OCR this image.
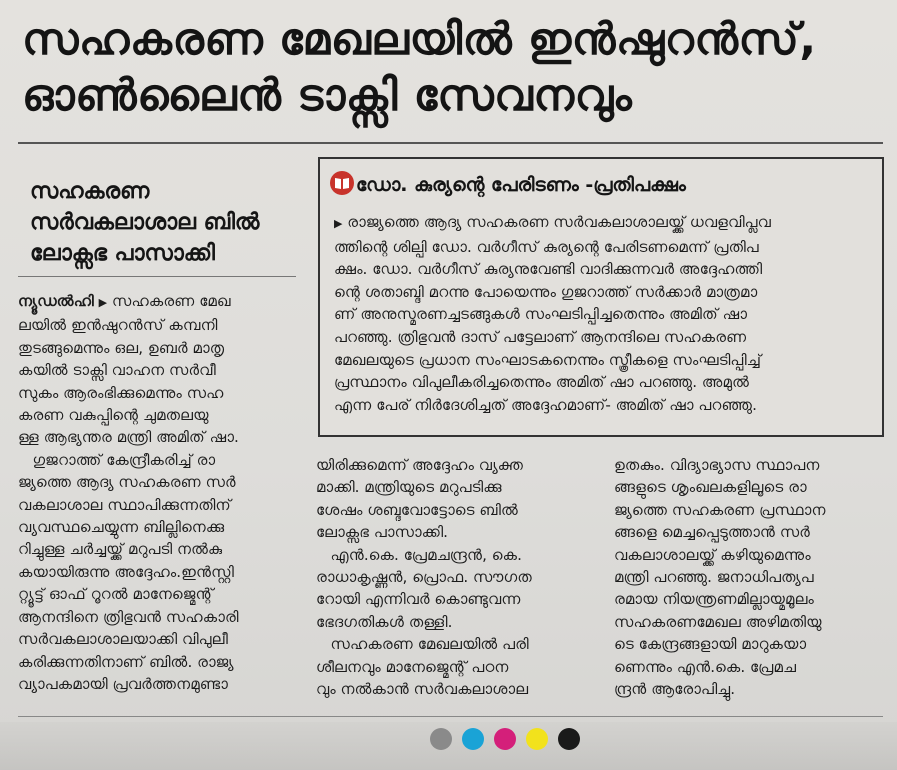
സഹകരണ മേഖലയിൽ ഇൻഷുറൻസ്,
ഓൺലൈൻ ടാക്സി സേവനവും
സഹകരണ
സർവകലാശാല ബിൽ
ലോക്സഭ പാസാക്കി
ന്യൂഡൽഹി ▶ സഹകരണ മേഖ
ലയിൽ ഇൻഷുറൻസ് കമ്പനി
തുടങ്ങുമെന്നും ഒല, ഉബർ മാതൃ
കയിൽ ടാക്സി വാഹന സർവീ
സുകം ആരംഭിക്കുമെന്നും സഹ
കരണ വകുപ്പിന്റെ ചുമതലയു
ള്ള ആഭ്യന്തര മന്ത്രി അമിത് ഷാ.
ഗുജറാത്ത് കേന്ദ്രീകരിച്ച് രാ
ജ്യത്തെ ആദ്യ സഹകരണ സർ
വകലാശാല സ്ഥാപിക്കുന്നതിന്
വ്യവസ്ഥചെയ്യുന്ന ബില്ലിനെക്കു
റിച്ചുള്ള ചർച്ചയ്ക്ക് മറുപടി നൽകു
കയായിരുന്നു അദ്ദേഹം.ഇൻസ്റ്റി
റ്റ്യൂട്ട് ഓഫ് റൂറൽ മാനേജ്മെന്റ്
ആനന്ദിനെ ത്രിഭുവൻ സഹകാരി
സർവകലാശാലയാക്കി വിപുലീ
കരിക്കുന്നതിനാണ് ബിൽ. രാജ്യ
വ്യാപകമായി പ്രവർത്തനമുണ്ടാ
ഡോ. കുര്യന്റെ പേരിടണം -പ്രതിപക്ഷം
▶ രാജ്യത്തെ ആദ്യ സഹകരണ സർവകലാശാലയ്ക്ക് ധവളവിപ്ലവ
ത്തിന്റെ ശില്പി ഡോ. വർഗീസ് കുര്യന്റെ പേരിടണമെന്ന് പ്രതിപ
ക്ഷം. ഡോ. വർഗീസ് കുര്യനുവേണ്ടി വാദിക്കുന്നവർ അദ്ദേഹത്തി
ന്റെ ശതാബ്ദി മറന്നു പോയെന്നും ഗുജറാത്ത് സർക്കാർ മാത്രമാ
ണ് അനുസ്മരണച്ചടങ്ങുകൾ സംഘടിപ്പിച്ചതെന്നും അമിത് ഷാ
പറഞ്ഞു. ത്രിഭുവൻ ദാസ് പട്ടേലാണ് ആനന്ദിലെ സഹകരണ
മേഖലയുടെ പ്രധാന സംഘാടകനെന്നും സ്ത്രീകളെ സംഘടിപ്പിച്ച്
പ്രസ്ഥാനം വിപുലീകരിച്ചതെന്നും അമിത് ഷാ പറഞ്ഞു. അമുൽ
എന്ന പേര് നിർദേശിച്ചത് അദ്ദേഹമാണ്- അമിത് ഷാ പറഞ്ഞു.
യിരിക്കുമെന്ന് അദ്ദേഹം വ്യക്ത
മാക്കി. മന്ത്രിയുടെ മറുപടിക്കു
ശേഷം ശബ്ദവോട്ടോടെ ബിൽ
ലോക്സഭ പാസാക്കി.
എൻ.കെ. പ്രേമചന്ദ്രൻ, കെ.
രാധാകൃഷ്ണൻ, പ്രൊഫ. സൗഗത
റോയി എന്നിവർ കൊണ്ടുവന്ന
ഭേദഗതികൾ തള്ളി.
സഹകരണ മേഖലയിൽ പരി
ശീലനവും മാനേജ്മെന്റ് പഠന
വും നൽകാൻ സർവകലാശാല
ഉതകും. വിദ്യാഭ്യാസ സ്ഥാപന
ങ്ങളുടെ ശൃംഖലകളിലൂടെ രാ
ജ്യത്തെ സഹകരണ പ്രസ്ഥാന
ങ്ങളെ മെച്ചപ്പെടുത്താൻ സർ
വകലാശാലയ്ക്ക് കഴിയുമെന്നും
മന്ത്രി പറഞ്ഞു. ജനാധിപത്യപ
രമായ നിയന്ത്രണമില്ലായ്മമൂലം
സഹകരണമേഖല അഴിമതിയു
ടെ കേന്ദ്രങ്ങളായി മാറുകയാ
ണെന്നും എൻ.കെ. പ്രേമച
ന്ദ്രൻ ആരോപിച്ചു.
